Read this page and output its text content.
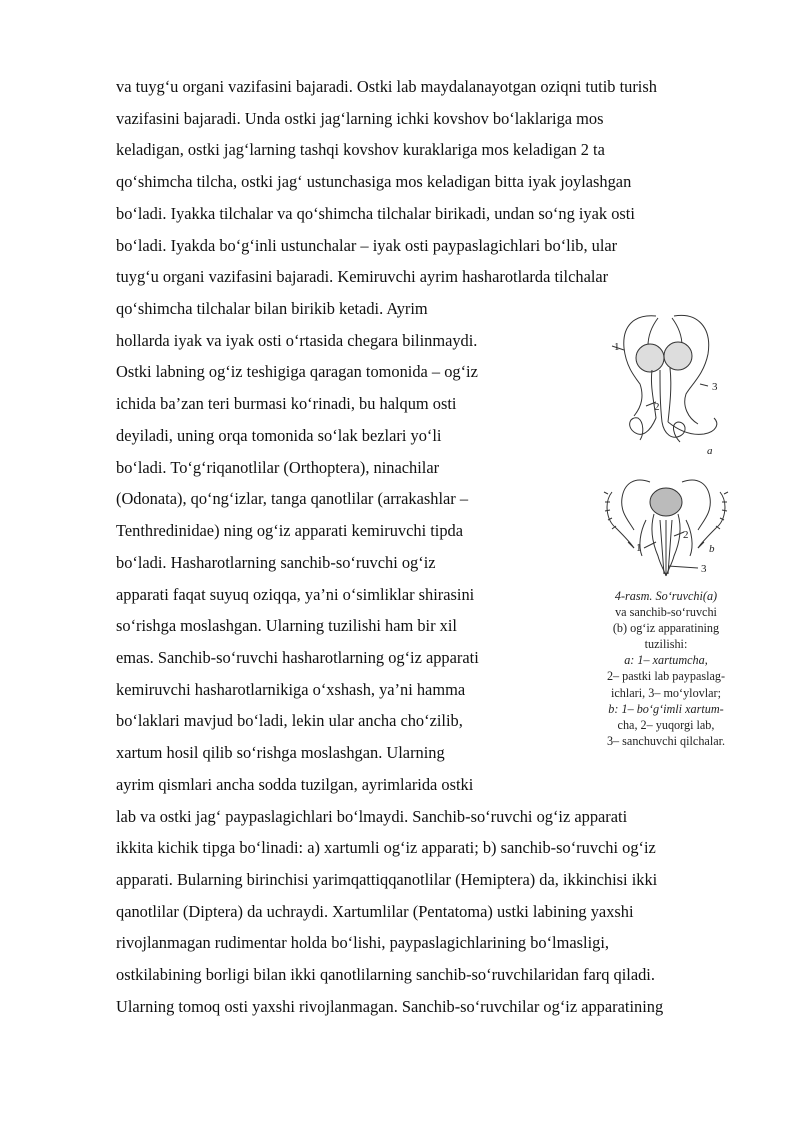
va tuyg‘u organi vazifasini bajaradi. Ostki lab maydalanayotgan oziqni tutib turish
vazifasini bajaradi. Unda ostki jag‘larning ichki kovshov bo‘laklariga mos
keladigan, ostki jag‘larning tashqi kovshov kuraklariga mos keladigan 2 ta
qo‘shimcha tilcha, ostki jag‘ ustunchasiga mos keladigan bitta iyak joylashgan
bo‘ladi. Iyakka tilchalar va qo‘shimcha tilchalar birikadi, undan so‘ng iyak osti
bo‘ladi. Iyakda bo‘g‘inli ustunchalar – iyak osti paypaslagichlari bo‘lib, ular
tuyg‘u organi vazifasini bajaradi. Kemiruvchi ayrim hasharotlarda tilchalar
qo‘shimcha tilchalar bilan birikib ketadi. Ayrim
hollarda iyak va iyak osti o‘rtasida chegara bilinmaydi.
Ostki labning og‘iz teshigiga qaragan tomonida – og‘iz
ichida ba’zan teri burmasi ko‘rinadi, bu halqum osti
deyiladi, uning orqa tomonida so‘lak bezlari yo‘li
bo‘ladi. To‘g‘riqanotlilar (Orthoptera), ninachilar
(Odonata), qo‘ng‘izlar, tanga qanotlilar (arrakashlar –
Tenthredinidae) ning og‘iz apparati kemiruvchi tipda
bo‘ladi. Hasharotlarning sanchib-so‘ruvchi og‘iz
apparati faqat suyuq oziqqa, ya’ni o‘simliklar shirasini
so‘rishga moslashgan. Ularning tuzilishi ham bir xil
emas. Sanchib-so‘ruvchi hasharotlarning og‘iz apparati
kemiruvchi hasharotlarnikiga o‘xshash, ya’ni hamma
bo‘laklari mavjud bo‘ladi, lekin ular ancha cho‘zilib,
xartum hosil qilib so‘rishga moslashgan. Ularning
ayrim qismlari ancha sodda tuzilgan, ayrimlarida ostki
lab va ostki jag‘ paypaslagichlari bo‘lmaydi. Sanchib-so‘ruvchi og‘iz apparati
ikkita kichik tipga bo‘linadi: a) xartumli og‘iz apparati; b) sanchib-so‘ruvchi og‘iz
apparati. Bularning birinchisi yarimqattiqqanotlilar (Hemiptera) da, ikkinchisi ikki
qanotlilar (Diptera) da uchraydi. Xartumlilar (Pentatoma) ustki labining yaxshi
rivojlanmagan rudimentar holda bo‘lishi, paypaslagichlarining bo‘lmasligi,
ostkilabining borligi bilan ikki qanotlilarning sanchib-so‘ruvchilaridan farq qiladi.
Ularning tomoq osti yaxshi rivojlanmagan. Sanchib-so‘ruvchilar og‘iz apparatining
1
2
3
a
1
2
b
3
4-rasm. So‘ruvchi(a)
va sanchib-so‘ruvchi
(b) og‘iz apparatining
tuzilishi:
a: 1– xartumcha,
2– pastki lab paypaslag-
ichlari, 3– mo‘ylovlar;
b: 1– bo‘g‘imli xartum-
cha, 2– yuqorgi lab,
3– sanchuvchi qilchalar.
